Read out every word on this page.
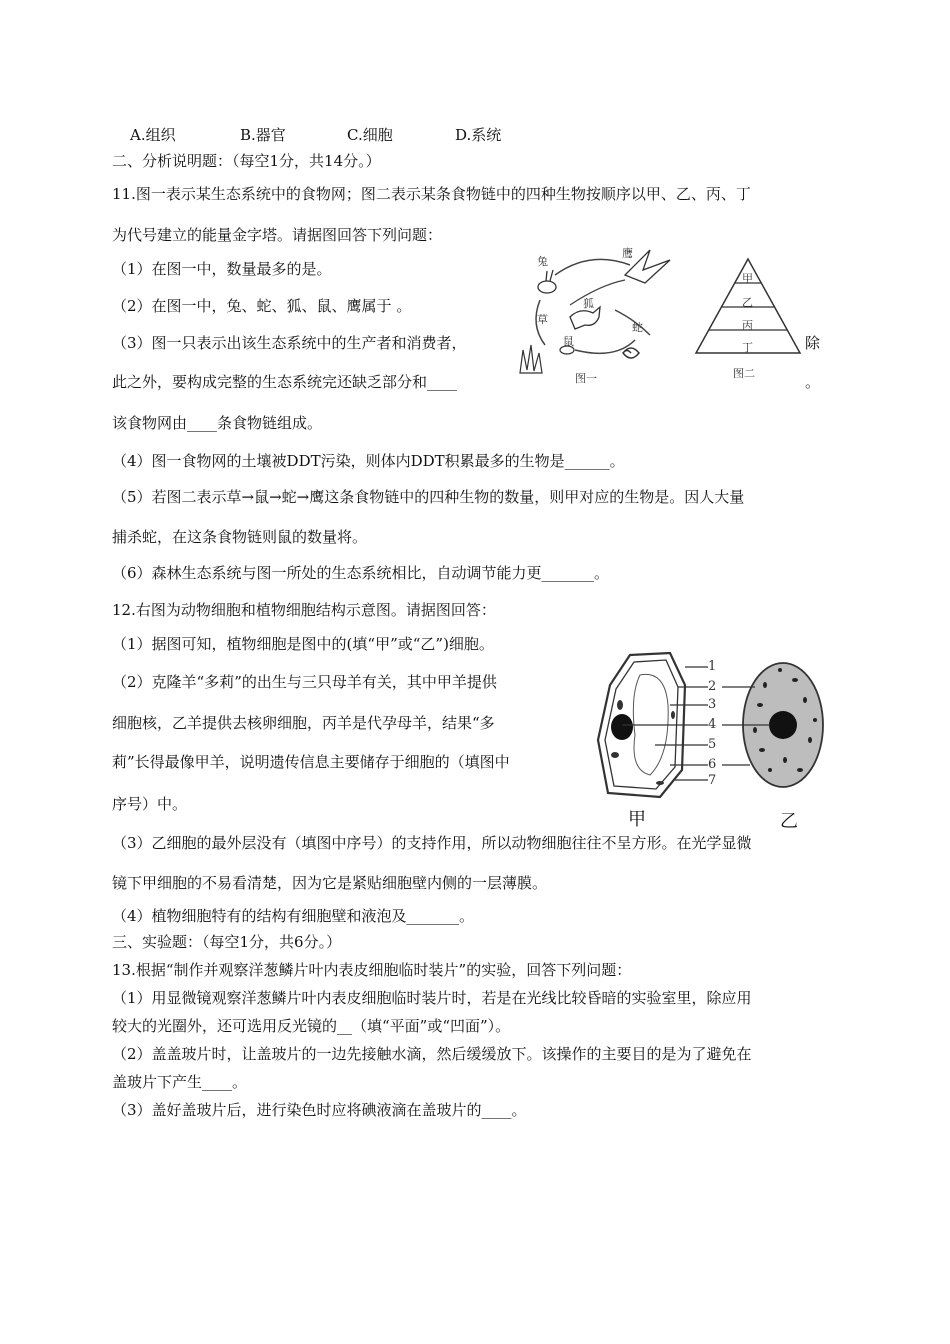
A.组织	B.器官	C.细胞	D.系统
二、分析说明题：（每空1分，共14分。）
11.图一表示某生态系统中的食物网；图二表示某条食物链中的四种生物按顺序以甲、乙、丙、丁
为代号建立的能量金字塔。请据图回答下列问题：
（1）在图一中，数量最多的是。
（2）在图一中，兔、蛇、狐、鼠、鹰属于 。
（3）图一只表示出该生态系统中的生产者和消费者，	除
此之外，要构成完整的生态系统完还缺乏部分和____	。
该食物网由____条食物链组成。
（4）图一食物网的土壤被DDT污染，则体内DDT积累最多的生物是______。
（5）若图二表示草→鼠→蛇→鹰这条食物链中的四种生物的数量，则甲对应的生物是。因人大量
捕杀蛇，在这条食物链则鼠的数量将。
（6）森林生态系统与图一所处的生态系统相比，自动调节能力更_______。
兔
鹰
狐
鼠
蛇
草
图一
甲
乙
丙
丁
图二
12.右图为动物细胞和植物细胞结构示意图。请据图回答：
（1）据图可知，植物细胞是图中的(填“甲”或“乙”)细胞。
（2）克隆羊“多莉”的出生与三只母羊有关，其中甲羊提供
细胞核，乙羊提供去核卵细胞，丙羊是代孕母羊，结果“多
莉”长得最像甲羊，说明遗传信息主要储存于细胞的（填图中
序号）中。
（3）乙细胞的最外层没有（填图中序号）的支持作用，所以动物细胞往往不呈方形。在光学显微
镜下甲细胞的不易看清楚，因为它是紧贴细胞壁内侧的一层薄膜。
（4）植物细胞特有的结构有细胞壁和液泡及_______。
1
2
3
4
5
6
7
甲	乙
三、实验题：（每空1分，共6分。）
13.根据“制作并观察洋葱鳞片叶内表皮细胞临时装片”的实验，回答下列问题：
（1）用显微镜观察洋葱鳞片叶内表皮细胞临时装片时，若是在光线比较昏暗的实验室里，除应用
较大的光圈外，还可选用反光镜的__（填“平面”或“凹面”）。
（2）盖盖玻片时，让盖玻片的一边先接触水滴，然后缓缓放下。该操作的主要目的是为了避免在
盖玻片下产生____。
（3）盖好盖玻片后，进行染色时应将碘液滴在盖玻片的____。
